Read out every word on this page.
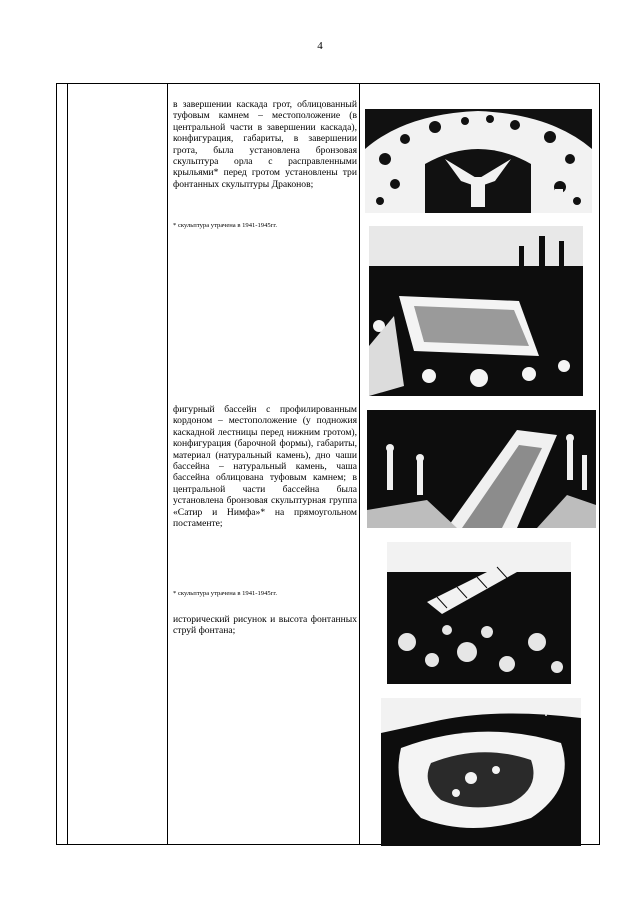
4
в завершении каскада грот, облицованный туфовым камнем – местоположение (в центральной части в завершении каскада), конфигурация, габариты, в завершении грота, была установлена бронзовая скульптура орла с расправленными крыльями* перед гротом установлены три фонтанных скульптуры Драконов;
* скульптура утрачена в 1941-1945гг.
фигурный бассейн с профилированным кордоном – местоположение (у подножия каскадной лестницы перед нижним гротом), конфигурация (барочной формы), габариты, материал (натуральный камень), дно чаши бассейна – натуральный камень, чаша бассейна облицована туфовым камнем; в центральной части бассейна была установлена бронзовая скульптурная группа «Сатир и Нимфа»* на прямоугольном постаменте;
* скульптура утрачена в 1941-1945гг.
исторический рисунок и высота фонтанных струй фонтана;
